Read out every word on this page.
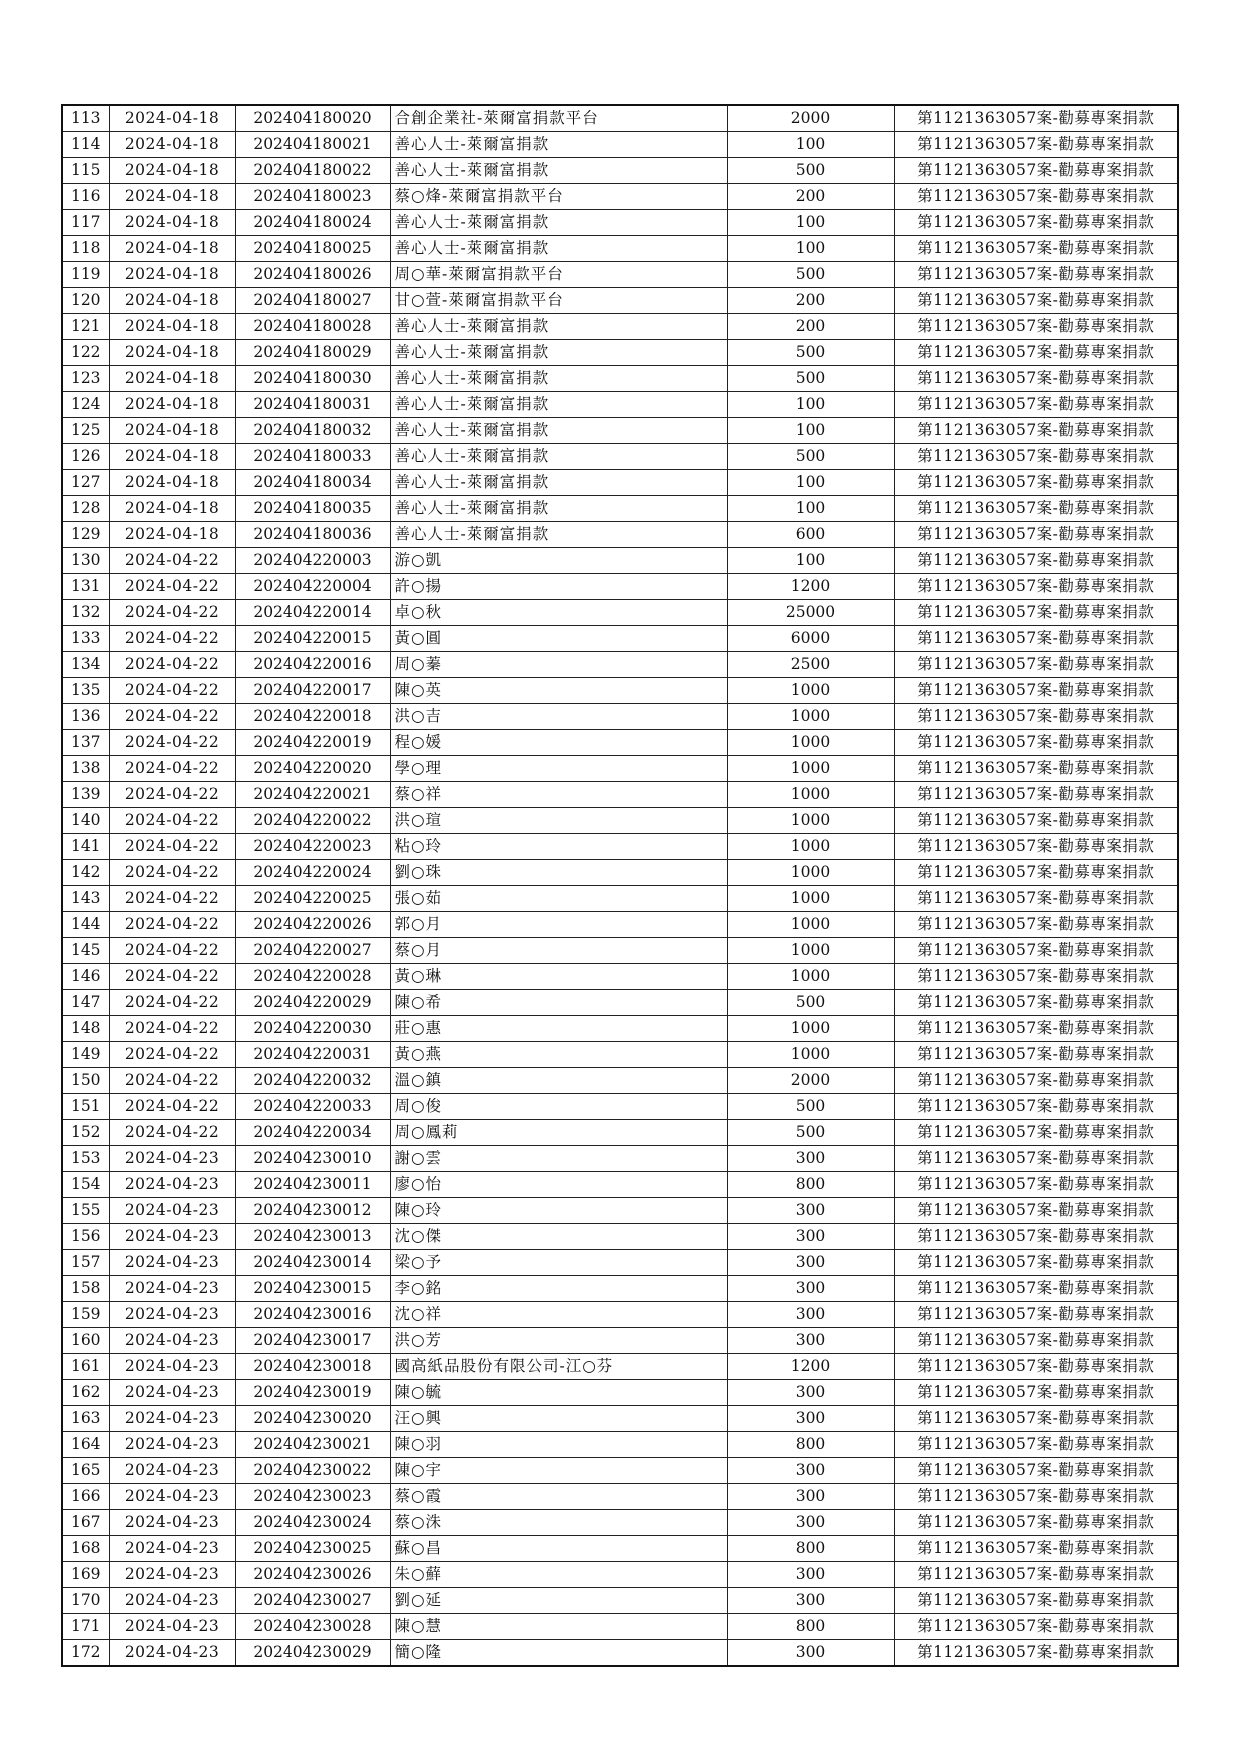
113	2024-04-18	202404180020	合創企業社-萊爾富捐款平台	2000	第1121363057案-勸募專案捐款
114	2024-04-18	202404180021	善心人士-萊爾富捐款	100	第1121363057案-勸募專案捐款
115	2024-04-18	202404180022	善心人士-萊爾富捐款	500	第1121363057案-勸募專案捐款
116	2024-04-18	202404180023	蔡○烽-萊爾富捐款平台	200	第1121363057案-勸募專案捐款
117	2024-04-18	202404180024	善心人士-萊爾富捐款	100	第1121363057案-勸募專案捐款
118	2024-04-18	202404180025	善心人士-萊爾富捐款	100	第1121363057案-勸募專案捐款
119	2024-04-18	202404180026	周○華-萊爾富捐款平台	500	第1121363057案-勸募專案捐款
120	2024-04-18	202404180027	甘○萱-萊爾富捐款平台	200	第1121363057案-勸募專案捐款
121	2024-04-18	202404180028	善心人士-萊爾富捐款	200	第1121363057案-勸募專案捐款
122	2024-04-18	202404180029	善心人士-萊爾富捐款	500	第1121363057案-勸募專案捐款
123	2024-04-18	202404180030	善心人士-萊爾富捐款	500	第1121363057案-勸募專案捐款
124	2024-04-18	202404180031	善心人士-萊爾富捐款	100	第1121363057案-勸募專案捐款
125	2024-04-18	202404180032	善心人士-萊爾富捐款	100	第1121363057案-勸募專案捐款
126	2024-04-18	202404180033	善心人士-萊爾富捐款	500	第1121363057案-勸募專案捐款
127	2024-04-18	202404180034	善心人士-萊爾富捐款	100	第1121363057案-勸募專案捐款
128	2024-04-18	202404180035	善心人士-萊爾富捐款	100	第1121363057案-勸募專案捐款
129	2024-04-18	202404180036	善心人士-萊爾富捐款	600	第1121363057案-勸募專案捐款
130	2024-04-22	202404220003	游○凱	100	第1121363057案-勸募專案捐款
131	2024-04-22	202404220004	許○揚	1200	第1121363057案-勸募專案捐款
132	2024-04-22	202404220014	卓○秋	25000	第1121363057案-勸募專案捐款
133	2024-04-22	202404220015	黃○圓	6000	第1121363057案-勸募專案捐款
134	2024-04-22	202404220016	周○蓁	2500	第1121363057案-勸募專案捐款
135	2024-04-22	202404220017	陳○英	1000	第1121363057案-勸募專案捐款
136	2024-04-22	202404220018	洪○吉	1000	第1121363057案-勸募專案捐款
137	2024-04-22	202404220019	程○媛	1000	第1121363057案-勸募專案捐款
138	2024-04-22	202404220020	學○理	1000	第1121363057案-勸募專案捐款
139	2024-04-22	202404220021	蔡○祥	1000	第1121363057案-勸募專案捐款
140	2024-04-22	202404220022	洪○瑄	1000	第1121363057案-勸募專案捐款
141	2024-04-22	202404220023	粘○玲	1000	第1121363057案-勸募專案捐款
142	2024-04-22	202404220024	劉○珠	1000	第1121363057案-勸募專案捐款
143	2024-04-22	202404220025	張○茹	1000	第1121363057案-勸募專案捐款
144	2024-04-22	202404220026	郭○月	1000	第1121363057案-勸募專案捐款
145	2024-04-22	202404220027	蔡○月	1000	第1121363057案-勸募專案捐款
146	2024-04-22	202404220028	黃○琳	1000	第1121363057案-勸募專案捐款
147	2024-04-22	202404220029	陳○希	500	第1121363057案-勸募專案捐款
148	2024-04-22	202404220030	莊○惠	1000	第1121363057案-勸募專案捐款
149	2024-04-22	202404220031	黃○燕	1000	第1121363057案-勸募專案捐款
150	2024-04-22	202404220032	溫○鎮	2000	第1121363057案-勸募專案捐款
151	2024-04-22	202404220033	周○俊	500	第1121363057案-勸募專案捐款
152	2024-04-22	202404220034	周○鳳莉	500	第1121363057案-勸募專案捐款
153	2024-04-23	202404230010	謝○雲	300	第1121363057案-勸募專案捐款
154	2024-04-23	202404230011	廖○怡	800	第1121363057案-勸募專案捐款
155	2024-04-23	202404230012	陳○玲	300	第1121363057案-勸募專案捐款
156	2024-04-23	202404230013	沈○傑	300	第1121363057案-勸募專案捐款
157	2024-04-23	202404230014	梁○予	300	第1121363057案-勸募專案捐款
158	2024-04-23	202404230015	李○銘	300	第1121363057案-勸募專案捐款
159	2024-04-23	202404230016	沈○祥	300	第1121363057案-勸募專案捐款
160	2024-04-23	202404230017	洪○芳	300	第1121363057案-勸募專案捐款
161	2024-04-23	202404230018	國高紙品股份有限公司-江○芬	1200	第1121363057案-勸募專案捐款
162	2024-04-23	202404230019	陳○毓	300	第1121363057案-勸募專案捐款
163	2024-04-23	202404230020	汪○興	300	第1121363057案-勸募專案捐款
164	2024-04-23	202404230021	陳○羽	800	第1121363057案-勸募專案捐款
165	2024-04-23	202404230022	陳○宇	300	第1121363057案-勸募專案捐款
166	2024-04-23	202404230023	蔡○霞	300	第1121363057案-勸募專案捐款
167	2024-04-23	202404230024	蔡○洙	300	第1121363057案-勸募專案捐款
168	2024-04-23	202404230025	蘇○昌	800	第1121363057案-勸募專案捐款
169	2024-04-23	202404230026	朱○蘚	300	第1121363057案-勸募專案捐款
170	2024-04-23	202404230027	劉○延	300	第1121363057案-勸募專案捐款
171	2024-04-23	202404230028	陳○慧	800	第1121363057案-勸募專案捐款
172	2024-04-23	202404230029	簡○隆	300	第1121363057案-勸募專案捐款
